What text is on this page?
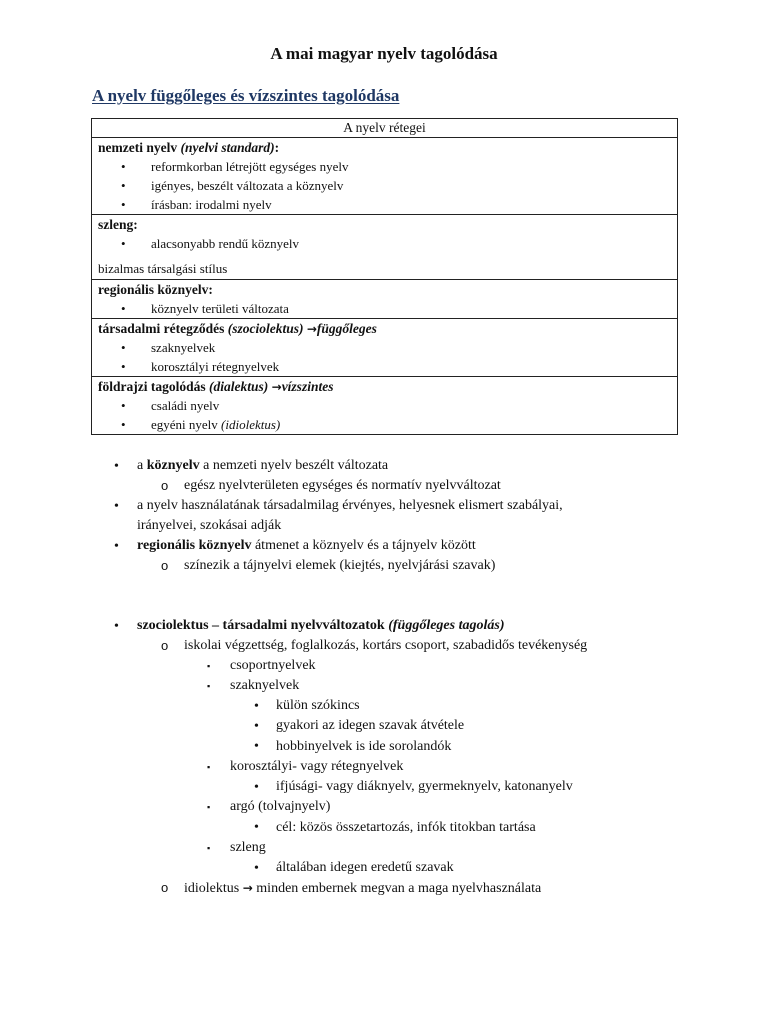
A mai magyar nyelv tagolódása
A nyelv függőleges és vízszintes tagolódása
A nyelv rétegei

nemzeti nyelv (nyelvi standard):
• reformkorban létrejött egységes nyelv
• igényes, beszélt változata a köznyelv
• írásban: irodalmi nyelv

szleng:
• alacsonyabb rendű köznyelv
bizalmas társalgási stílus

regionális köznyelv:
• köznyelv területi változata

társadalmi rétegződés (szociolektus) →függőleges
• szaknyelvek
• korosztályi rétegnyelvek

földrajzi tagolódás (dialektus) →vízszintes
• családi nyelv
• egyéni nyelv (idiolektus)
• a köznyelv a nemzeti nyelv beszélt változata
o egész nyelvterületen egységes és normatív nyelvváltozat
• a nyelv használatának társadalmilag érvényes, helyesnek elismert szabályai,
irányelvei, szokásai adják
• regionális köznyelv átmenet a köznyelv és a tájnyelv között
o színezik a tájnyelvi elemek (kiejtés, nyelvjárási szavak)
• szociolektus – társadalmi nyelvváltozatok (függőleges tagolás)
o iskolai végzettség, foglalkozás, kortárs csoport, szabadidős tevékenység
▪ csoportnyelvek
▪ szaknyelvek
• külön szókincs
• gyakori az idegen szavak átvétele
• hobbinyelvek is ide sorolandók
▪ korosztályi- vagy rétegnyelvek
• ifjúsági- vagy diáknyelv, gyermeknyelv, katonanyelv
▪ argó (tolvajnyelv)
• cél: közös összetartozás, infók titokban tartása
▪ szleng
• általában idegen eredetű szavak
o idiolektus → minden embernek megvan a maga nyelvhasználata
